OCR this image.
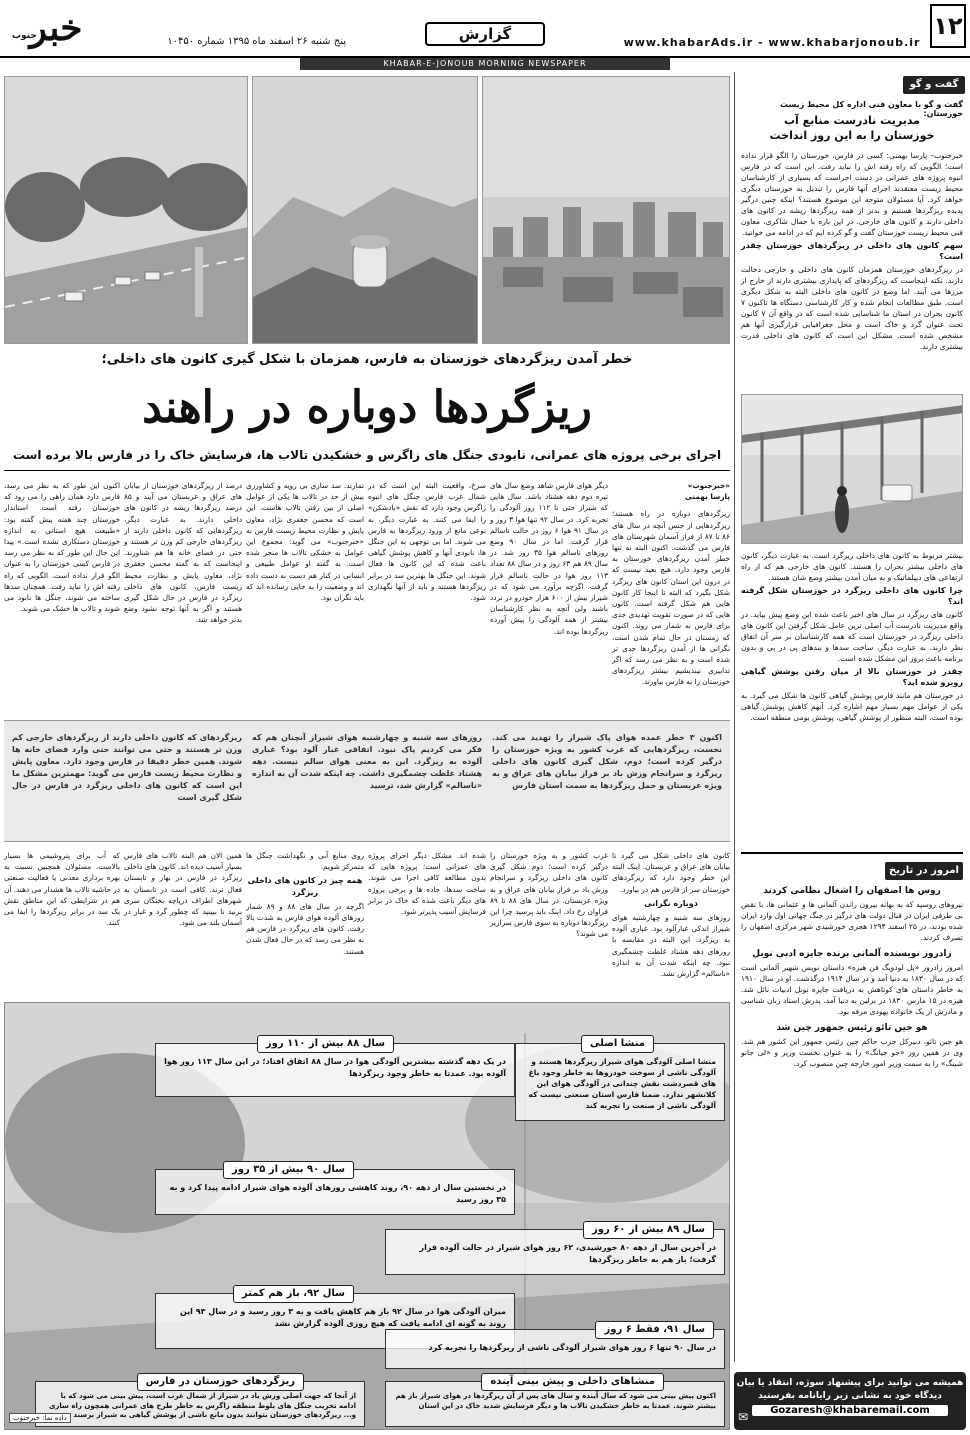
۱۲
www.khabarAds.ir - www.khabarjonoub.ir
گزارش
خبر
جنوب	پنج شنبه ۲۶ اسفند ماه ۱۳۹۵ شماره ۱۰۴۵۰
KHABAR-E-JONOUB MORNING NEWSPAPER
گفت و گو
گفت و گو با معاون فنی اداره کل محیط زیست خوزستان:
مدیریت نادرست منابع آب
خوزستان را به این روز انداخت

خبرجنوب– پارسا بهمنی: کسی در فارس، خوزستان را الگو قرار نداده است؛ الگویی که راه رفته اش را نباید رفت. این است که در فارس انبوه پروژه های عمرانی در دست اجراست که بسیاری از کارشناسان محیط زیست معتقدند اجرای آنها فارس را تبدیل به خوزستان دیگری خواهد کرد. آیا مسئولان متوجه این موضوع هستند؟ اینکه چنین درگیر پدیده ریزگردها هستیم و بدتر از همه ریزگردها ریشه در کانون های داخلی دارند و کانون های خارجی. در این باره با جمال شاکری، معاون فنی محیط زیست خوزستان گفت و گو کرده ایم که در ادامه می خوانید.

سهم کانون های داخلی در ریزگردهای خوزستان چقدر است؟

در ریزگردهای خوزستان همزمان کانون های داخلی و خارجی دخالت دارند. نکته اینجاست که ریزگردهای که پایداری بیشتری دارند از خارج از مرزها می آیند. اما وضع در کانون های داخلی البته به شکل دیگری است. طبق مطالعات انجام شده و کار کارشناسی دستگاه ها تاکنون ۷ کانون بحران در استان ما شناسایی شده است که در واقع آن ۷ کانون تحت عنوان گرد و خاک است و محل جغرافیایی قرارگیری آنها هم مشخص شده است. مشکل این است که کانون های داخلی قدرت بیشتری دارند.

بیشتر مربوط به کانون های داخلی ریزگرد است. به عبارت دیگر، کانون های داخلی بیشتر بحران زا هستند. کانون های خارجی هم که از راه ارتفاعی های دیپلماتیک و به میان آمدن بیشتر وضع شان هستند.

چرا کانون های داخلی ریزگرد در خوزستان شکل گرفته اند؟

کانون های ریزگرد در سال های اخیر یاعث شده این وضع پیش بیاید. در واقع مدیریت نادرست آب اصلی ترین عامل شکل گرفتن این کانون های داخلی ریزگرد در خوزستان است که همه کارشناسان بر سر آن اتفاق نظر دارند. به عبارت دیگر، ساخت سدها و بندهای پی در پی و بدون برنامه باعث بروز این مشکل شده است.

چقدر در خوزستان بالا از میان رفتن پوشش گیاهی روبرو شده اید؟

در خوزستان هم مانند فارس پوشش گیاهی کانون ها شکل می گیرد. به یکی از عوامل مهم بسیار مهم اشاره کرد. آنهم کاهش پوشش گیاهی بوده است. البته منظور از پوشش گیاهی، پوشش بومی منطقه است.

امروز در تاریخ

روس ها اصفهان را اشغال نظامی کردند

نیروهای روسیه که به بهانه بیرون راندن آلمانی ها و عثمانی ها، با نقض بی طرفی ایران در قبال دولت های درگیر در جنگ جهانی اول وارد ایران شده بودند، در ۲۵ اسفند ۱۲۹۴ هجری خورشیدی شهر مرکزی اصفهان را تصرف کردند.

زادروز نویسنده آلمانی برنده جایزه ادبی نوبل

امروز زادروز «پل لودویگ فن هیزه» داستان نویس شهیر آلمانی است که در سال ۱۸۳۰ به دنیا آمد و در سال ۱۹۱۴ درگذشت. او در سال ۱۹۱۰ به خاطر داستان های کوتاهش به دریافت جایزه نوبل ادبیات نائل شد. هیزه در ۱۵ مارس ۱۸۳۰ در برلین به دنیا آمد. پدرش استاد زبان شناسی و مادرش از یک خانواده یهودی مرفه بود.

هو جین تائو رئیس جمهور چین شد

هو جین تائو، دبیرکل حزب حاکم چین رئیس جمهور این کشور هم شد. وی در همین روز «جو جیانگ» را به عنوان نخست وزیر و «لی جانو شینگ» را به سمت وزیر امور خارجه چین منصوب کرد.

همیشه می توانید برای پیشنهاد سوژه، انتقاد یا بیان
دیدگاه خود به نشانی زیر رایانامه بفرستید
Gozaresh@khabaremail.com
✉
خطر آمدن ریزگردهای خوزستان به فارس، همزمان با شکل گیری کانون های داخلی؛
ریزگردها دوباره در راهند
اجرای برخی پروژه های عمرانی، نابودی جنگل های زاگرس و خشکیدن تالاب ها، فرسایش خاک را در فارس بالا برده است
«خبرجنوب»
پارسا بهمنی

ریزگردهای دوباره در راه هستند؛ ریزگردهایی از جنس آنچه در سال های ۸۶ تا ۸۷ از فراز آسمان شهرستان های فارس می گذشت. اکنون البته نه تنها خطر آمدن ریزگردهای خوزستان به فارس وجود دارد، هیچ بعید نیست که در درون این استان کانون های ریزگرد شکل بگیرد که البته تا اینجا کار کانون هایی هم شکل گرفته است. کانون هایی که در صورت تقویت تهدیدی جدی برای فارس به شمار می روند. اکنون که زمستان در حال تمام شدن است، نگرانی ها از آمدن ریزگردها جدی تر شده است و به نظر می رسد که اگر تدابیری نیندیشیم بیشتر ریزگردهای خوزستان را به فارس بیاورند.

دیگر هوای فارس شاهد وضع سال های تیره دوم دهه هشتاد باشد. سال هایی که شیراز حتی تا ۱۱۲ روز آلودگی را تجربه کرد. در سال ۹۲ تنها هوا ۳ روز و در سال ۹۱ هوا ۶ روز در حالت ناسالم قرار گرفت. اما در سال ۹۰ وضع روزهای ناسالم هوا ۳۵ روز شد. در سال ۸۹ هم ۶۳ روز و در سال ۸۸ تعداد ۱۱۳ روز هوا در حالت ناسالم قرار گرفت. اگرچه برآورد می شود که در شیراز بیش از ۶۰۰ هزار خودرو در تردد باشند ولی آنچه به نظر کارشناسان بیشتر از همه آلودگی را پیش آورده ریزگردها بوده اند.
سرخ، واقعیت البته این است که در شمال غرب فارس جنگل های انبوه زاگرس وجود دارد که نقش «بادشکن» را ایفا می کنند. به عبارت دیگر، به نوعی مانع از ورود ریزگردها به فارس می شوند. اما بی توجهی به این جنگل ها، نابودی آنها و کاهش پوشش گیاهی باعث شده که این کانون ها فعال شوند. این جنگل ها بهترین سد در برابر ریزگردها هستند و باید از آنها نگهداری شود.
تمارند. سد سازی بی رویه و کشاورزی بیش از حد در تالاب ها یکی از عوامل اصلی از بین رفتن تالاب هاست. این است که محسن جعفری نژاد، معاون پایش و نظارت محیط زیست فارس به «خبرجنوب» می گوید: مجموع این عوامل به خشکی تالاب ها منجر شده است. به گفته او عوامل طبیعی و انسانی در کنار هم دست به دست داده اند و وضعیت را به جایی رسانده اند که باید نگران بود.
درصد از ریزگردهای خوزستان از بیابان های عراق و عربستان می آیند و ۸۵ درصد ریزگردها ریشه در کانون های داخلی دارند. به عبارت دیگر، ریزگردهایی که کانون داخلی دارند از ریزگردهای خارجی کم وزن تر هستند و حتی در فضای خانه ها هم شناورند. اینجاست که به گفته محسن جعفری نژاد، معاون پایش و نظارت محیط زیست فارس، کانون های داخلی ریزگرد در فارس در حال شکل گیری هستند و اگر به آنها توجه نشود وضع بدتر خواهد شد.
اکنون این طور که به نظر می رسد، فارس دارد همان راهی را می رود که خوزستان رفته است. استاندار خوزستان چند هفته پیش گفته بود: «طبیعت هیچ استانی به اندازه خوزستان دستکاری نشده است.» پیدا این حال این طور که به نظر می رسد در فارس کسی خوزستان را به عنوان الگو قرار نداده است. الگویی که راه رفته اش را نباید رفت. همچنان سدها ساخته می شوند، جنگل ها نابود می شوند و تالاب ها خشک می شوند.
اکنون ۳ خطر عمده هوای پاک شیراز را تهدید می کند. نخست، ریزگردهایی که غرب کشور به ویژه خوزستان را درگیر کرده است؛ دوم، شکل گیری کانون های داخلی ریزگرد و سرانجام وزش باد بر فراز بیابان های عراق و به ویژه عربستان و حمل ریزگردها به سمت استان فارس
روزهای سه شنبه و چهارشنبه هوای شیراز آنچنان هم که فکر می کردیم پاک نبود. اتفاقی غبار آلود بود؟ غباری آلوده به ریزگرد. این به معنی هوای سالم نیست. دهه هشتاد غلظت چشمگیری داشت. چه اینکه شدت آن به اندازه «ناسالم» گزارش شد، ترسید
ریزگردهای که کانون داخلی دارند از ریزگردهای خارجی کم وزن تر هستند و حتی می توانند حتی وارد فضای خانه ها شوند. همین خطر دقیقا در فارس وجود دارد. معاون پایش و نظارت محیط زیست فارس می گوید: مهمترین مشکل ما این است که کانون های داخلی ریزگرد در فارس در حال شکل گیری است

کانون های داخلی شکل می گیرد تا بیابان های عراق و عربستان. اینک البته این خطر وجود دارد که ریزگردهای خوزستان سر از فارس هم در بیاورد.

دوباره نگرانی

روزهای سه شنبه و چهارشنبه هوای شیراز اندکی غبارآلود بود. غباری آلوده به ریزگرد. این البته در مقایسه با روزهای دهه هشتاد غلظت چشمگیری نبود. چه اینکه شدت آن به اندازه «ناسالم» گزارش نشد.

غرب کشور و به ویژه خوزستان را درگیر کرده است؛ دوم شکل گیری کانون های داخلی ریزگرد و سرانجام وزش باد بر فراز بیابان های عراق و به ویژه عربستان. در سال های ۸۸ تا ۸۹ فراوان رخ داد. اینک باید پرسید چرا این ریزگردها دوباره به سوی فارس سرازیر می شوند؟
شده اند. مشکل دیگر اجرای پروژه های عمرانی است؛ پروژه هایی که بدون مطالعه کافی اجرا می شوند. ساخت سدها، جاده ها و برخی پروژه های دیگر باعث شده که خاک در برابر فرسایش آسیب پذیرتر شود.

روی منابع آبی و نگهداشت جنگل ها متمرکز شویم.

همه چیز در کانون های داخلی ریزگرد

اگرچه در سال های ۸۸ و ۸۹ شمار روزهای آلوده هوای فارس به شدت بالا رفت. کانون های ریزگرد در فارس هم به نظر می رسد که در حال فعال شدن هستند.

همین الان هم البته تالاب های فارس بسیار آسیب دیده اند. کانون های داخلی ریزگرد در فارس در بهار و تابستان فعال ترند. کافی است در تابستان به شهرهای اطراف دریاچه بختگان سری بزنید تا ببینید که چطور گرد و غبار در آسمان بلند می شود.
که آب برای پتروشیمی ها بسیار بالاست. مسئولان همچنین نسبت به بهره برداری معدنی یا فعالیت صنعتی در حاشیه تالاب ها هشدار می دهند. آن هم در شرایطی که این مناطق نقش یک سد در برابر ریزگردها را ایفا می کنند.
سال ۸۸ بیش از ۱۱۰ روز
در یک دهه گذشته بیشترین آلودگی هوا در سال ۸۸ اتفاق افتاد؛ در این سال ۱۱۳ روز هوا آلوده بود. عمدتا به خاطر وجود ریزگردها
منشا اصلی
منشا اصلی آلودگی هوای شیراز ریزگردها هستند و آلودگی ناشی از سوخت خودروها به خاطر وجود باغ های قصردشت نقش چندانی در آلودگی هوای این کلانشهر ندارد. ضمنا فارس استان صنعتی نیست که آلودگی ناشی از صنعت را تجربه کند
سال ۹۰ بیش از ۳۵ روز
در نخستین سال از دهه ۹۰، روند کاهشی روزهای آلوده هوای شیراز ادامه پیدا کرد و به ۳۵ روز رسید
سال ۸۹ بیش از ۶۰ روز
در آخرین سال از دهه ۸۰ خورشیدی، ۶۲ روز هوای شیراز در حالت آلوده قرار گرفت؛ باز هم به خاطر ریزگردها
سال ۹۲، باز هم کمتر
میزان آلودگی هوا در سال ۹۲ باز هم کاهش یافت و به ۳ روز رسید و در سال ۹۳ این روند به گونه ای ادامه یافت که هیچ روزی آلوده گزارش نشد
سال ۹۱، فقط ۶ روز
در سال ۹۰ تنها ۶ روز هوای شیراز آلودگی ناشی از ریزگردها را تجربه کرد
ریزگردهای خوزستان در فارس
از آنجا که جهت اصلی وزش باد در شیراز از شمال غرب است، پیش بینی می شود که با ادامه تخریب جنگل های بلوط منطقه زاگرس به خاطر طرح های عمرانی همچون راه سازی و... ریزگردهای خوزستان بتوانند بدون مانع ناشی از پوشش گیاهی به شیراز برسند
منشاهای داخلی و پیش بینی آینده
اکنون پیش بینی می شود که سال آینده و سال های پس از آن ریزگردها در هوای شیراز باز هم بیشتر شوند. عمدتا به خاطر خشکیدن تالاب ها و دیگر فرسایش شدید خاک در این استان
داده نما: خبرجنوب
